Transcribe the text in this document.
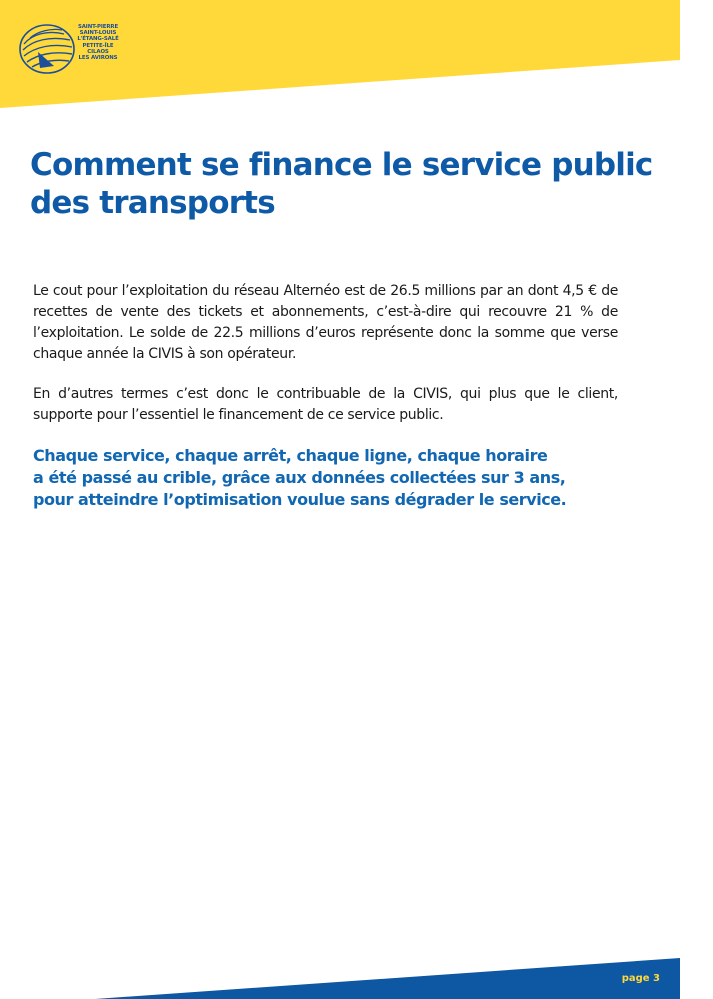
SAINT-PIERRE
SAINT-LOUIS
L'ÉTANG-SALÉ
PETITE-ÎLE
CILAOS
LES AVIRONS
Comment se finance le service public des transports

Le cout pour l’exploitation du réseau Alternéo est de 26.5 millions par an dont 4,5 € de recettes de vente des tickets et abonnements, c’est-à-dire qui recouvre 21 % de l’exploitation. Le solde de 22.5 millions d’euros représente donc la somme que verse chaque année la CIVIS à son opérateur.

En d’autres termes c’est donc le contribuable de la CIVIS, qui plus que le client, supporte pour l’essentiel le financement de ce service public.

Chaque service, chaque arrêt, chaque ligne, chaque horaire
a été passé au crible, grâce aux données collectées sur 3 ans,
pour atteindre l’optimisation voulue sans dégrader le service.

page 3
